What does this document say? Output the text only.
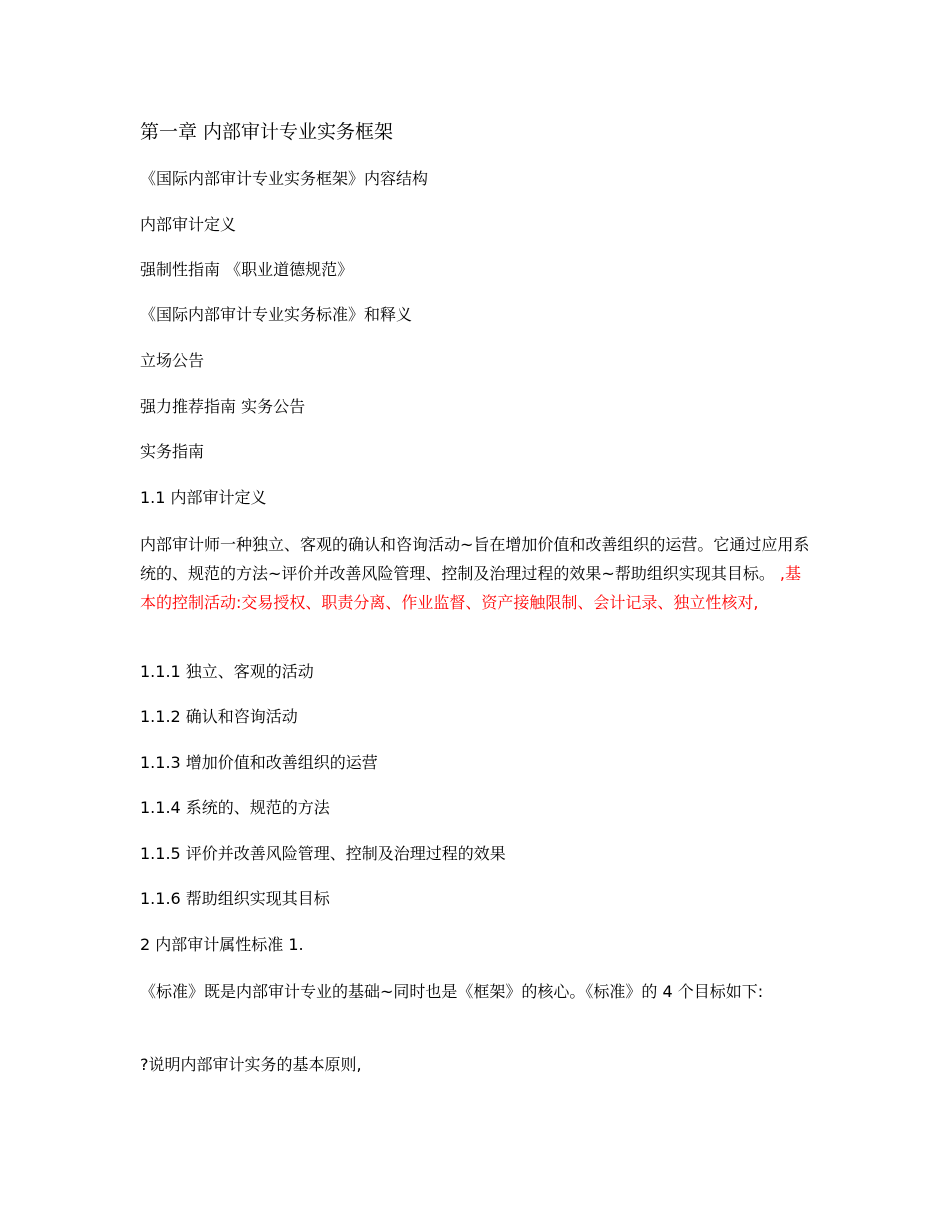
第一章 内部审计专业实务框架
《国际内部审计专业实务框架》内容结构
内部审计定义
强制性指南 《职业道德规范》
《国际内部审计专业实务标准》和释义
立场公告
强力推荐指南 实务公告
实务指南
1.1 内部审计定义
内部审计师一种独立、客观的确认和咨询活动~旨在增加价值和改善组织的运营。它通过应用系统的、规范的方法~评价并改善风险管理、控制及治理过程的效果~帮助组织实现其目标。 ,基本的控制活动:交易授权、职责分离、作业监督、资产接触限制、会计记录、独立性核对,
1.1.1 独立、客观的活动
1.1.2 确认和咨询活动
1.1.3 增加价值和改善组织的运营
1.1.4 系统的、规范的方法
1.1.5 评价并改善风险管理、控制及治理过程的效果
1.1.6 帮助组织实现其目标
2 内部审计属性标准 1.
《标准》既是内部审计专业的基础~同时也是《框架》的核心。《标准》的 4 个目标如下:
?说明内部审计实务的基本原则,
